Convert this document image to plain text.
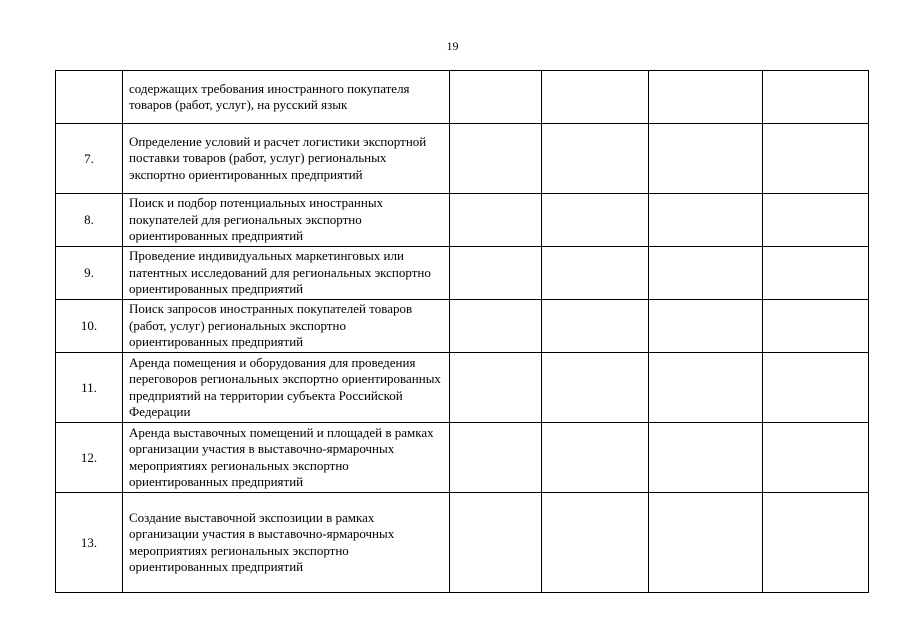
19
	содержащих требования иностранного покупателя товаров (работ, услуг), на русский язык				
7.	Определение условий и расчет логистики экспортной поставки товаров (работ, услуг) региональных экспортно ориентированных предприятий				
8.	Поиск и подбор потенциальных иностранных покупателей для региональных экспортно ориентированных предприятий				
9.	Проведение индивидуальных маркетинговых или патентных исследований для региональных экспортно ориентированных предприятий				
10.	Поиск запросов иностранных покупателей товаров (работ, услуг) региональных экспортно ориентированных предприятий				
11.	Аренда помещения и оборудования для проведения переговоров региональных экспортно ориентированных предприятий на территории субъекта Российской Федерации				
12.	Аренда выставочных помещений и площадей в рамках организации участия в выставочно-ярмарочных мероприятиях региональных экспортно ориентированных предприятий				
13.	Создание выставочной экспозиции в рамках организации участия в выставочно-ярмарочных мероприятиях региональных экспортно ориентированных предприятий				
